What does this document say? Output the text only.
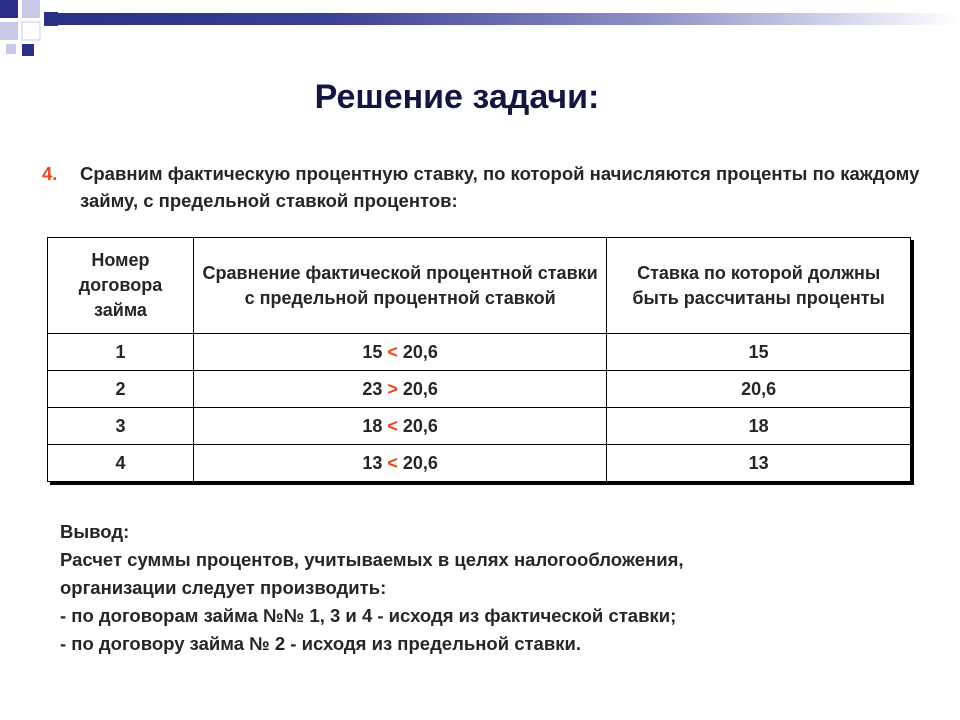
Решение задачи:
4.	Сравним фактическую процентную ставку, по которой начисляются проценты по каждому займу, с предельной ставкой процентов:
Номер договора займа	Сравнение фактической процентной ставки с предельной процентной ставкой	Ставка по которой должны быть рассчитаны проценты
1	15 < 20,6	15
2	23 > 20,6	20,6
3	18 < 20,6	18
4	13 < 20,6	13
Вывод:
Расчет суммы процентов, учитываемых в целях налогообложения,
организации следует производить:
- по договорам займа №№ 1, 3 и 4 - исходя из фактической ставки;
- по договору займа № 2 - исходя из предельной ставки.
